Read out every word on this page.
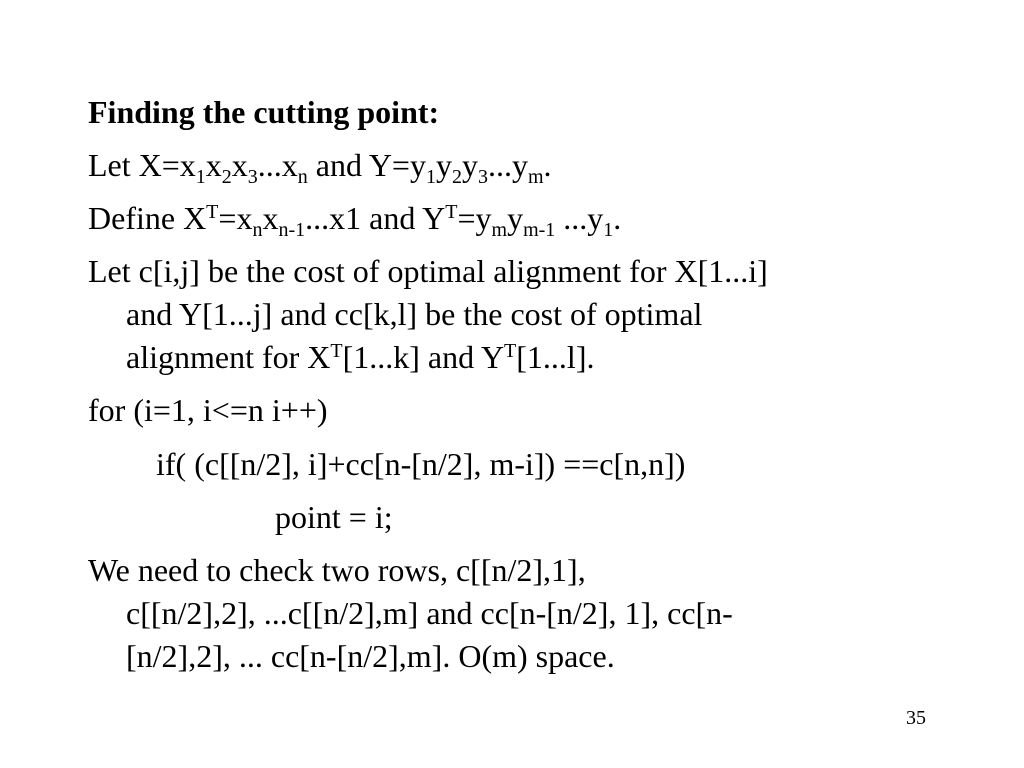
Finding the cutting point:
Let $X=x_1x_2x_3...x_n$ and $Y=y_1y_2y_3...y_m$.
Define $X^T=x_nx_{n-1}...x1$ and $Y^T=y_my_{m-1}$ $...y_1$.
Let c[i,j] be the cost of optimal alignment for X[1...i]
and Y[1...j] and cc[k,l] be the cost of optimal
alignment for $X^T[1...k]$ and $Y^T[1...l]$.
for (i=1, i<=n i++)
if( (c[[n/2], i]+cc[n-[n/2], m-i]) ==c[n,n])
point = i;
We need to check two rows, c[[n/2],1],
c[[n/2],2], ...c[[n/2],m] and cc[n-[n/2], 1], cc[n-
[n/2],2], ... cc[n-[n/2],m]. O(m) space.
35
